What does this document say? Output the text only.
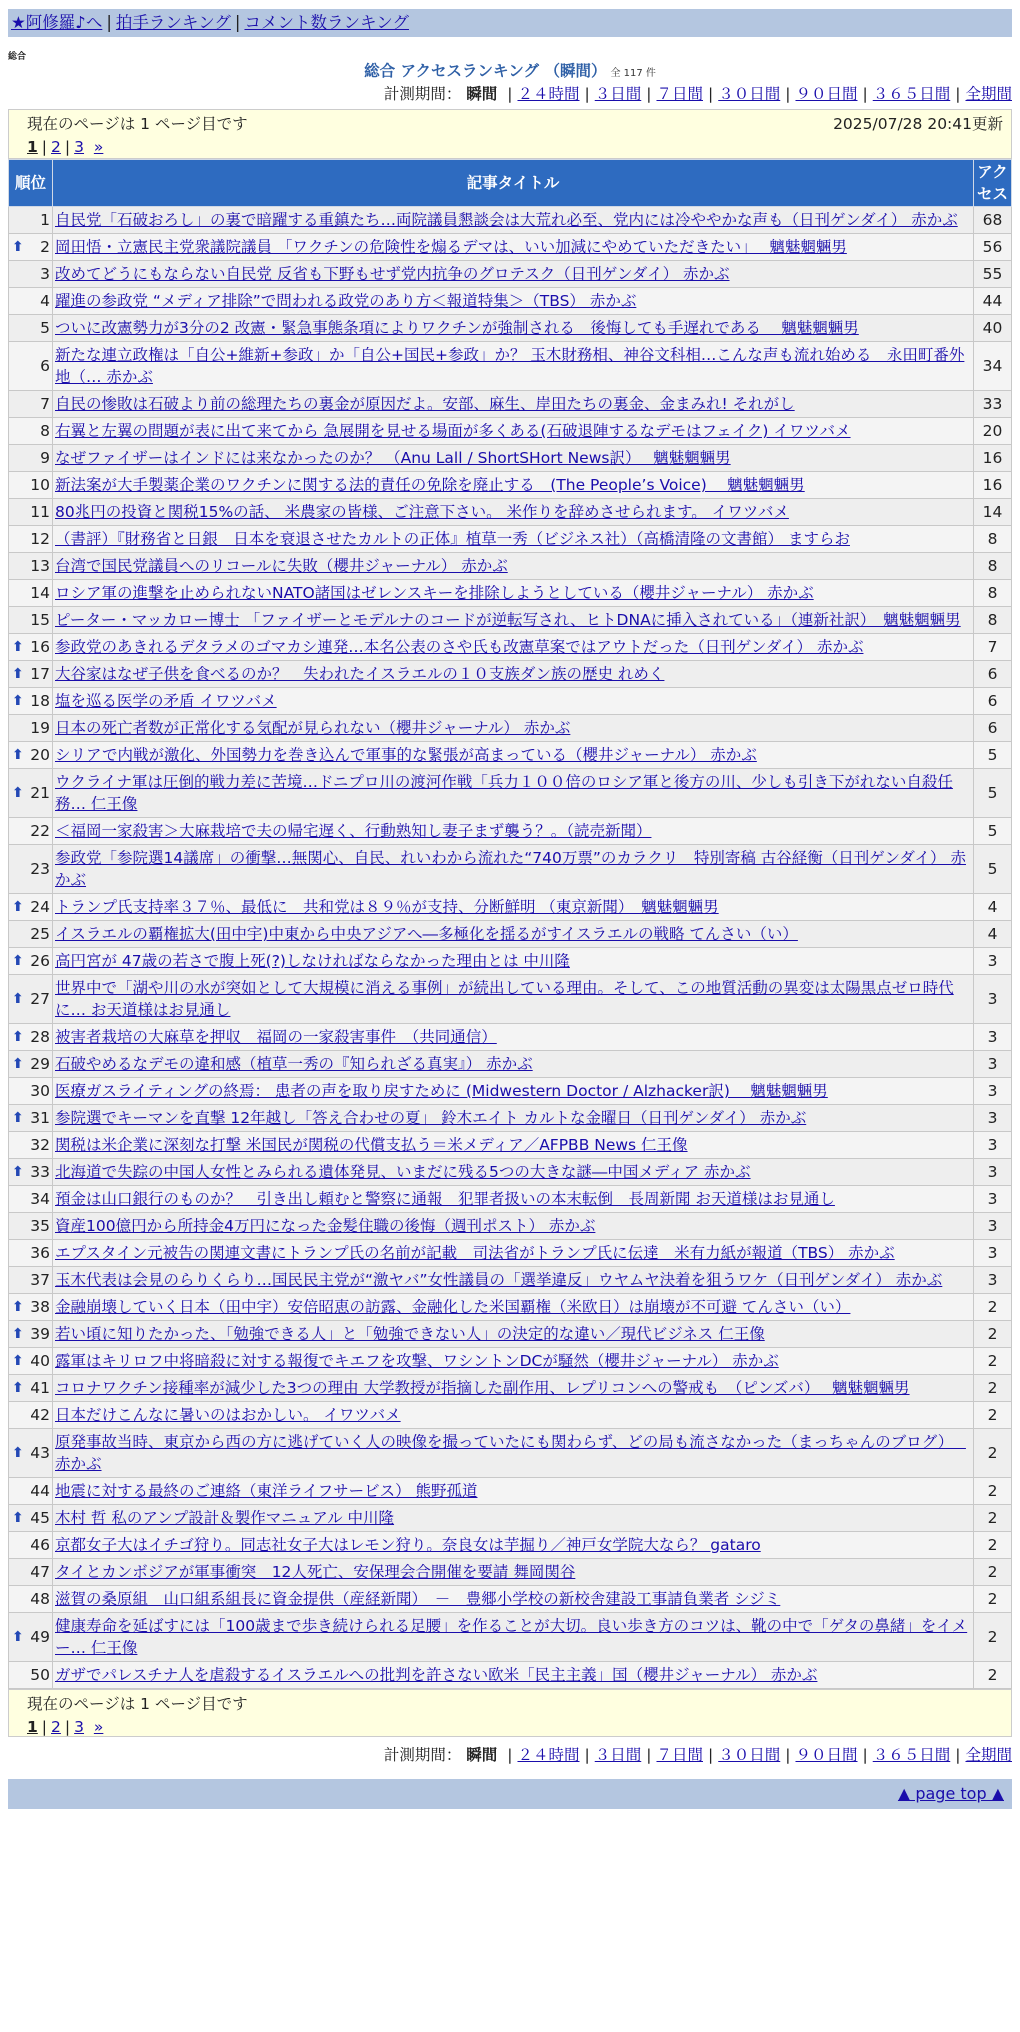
★阿修羅♪へ | 拍手ランキング | コメント数ランキング
総合
総合 アクセスランキング （瞬間） 全 117 件
計測期間： 瞬間 | ２４時間 | ３日間 | ７日間 | ３０日間 | ９０日間 | ３６５日間 | 全期間
現在のページは 1 ページ目です	2025/07/28 20:41更新
1 | 2 | 3 »
順位	記事タイトル	アクセス
1	自民党「石破おろし」の裏で暗躍する重鎮たち…両院議員懇談会は大荒れ必至、党内には冷ややかな声も（日刊ゲンダイ） 赤かぶ	68

⬆ 2	岡田悟・立憲民主党衆議院議員 「ワクチンの危険性を煽るデマは、いい加減にやめていただきたい」　 魑魅魍魎男	56
3	改めてどうにもならない自民党 反省も下野もせず党内抗争のグロテスク（日刊ゲンダイ） 赤かぶ	55
4	躍進の参政党 “メディア排除”で問われる政党のあり方＜報道特集＞（TBS） 赤かぶ	44
5	ついに改憲勢力が3分の2 改憲・緊急事態条項によりワクチンが強制される　後悔しても手遅れである　 魑魅魍魎男	40
6	新たな連立政権は「自公+維新+参政」か「自公+国民+参政」か？ 玉木財務相、神谷文科相…こんな声も流れ始める　永田町番外地（… 赤かぶ	34
7	自民の惨敗は石破より前の総理たちの裏金が原因だよ。安部、麻生、岸田たちの裏金、金まみれ! それがし	33
8	右翼と左翼の問題が表に出て来てから 急展開を見せる場面が多くある(石破退陣するなデモはフェイク) イワツバメ	20
9	なぜファイザーはインドには来なかったのか？ （Anu Lall / ShortSHort News訳）　 魑魅魍魎男	16
10	新法案が大手製薬企業のワクチンに関する法的責任の免除を廃止する　(The People’s Voice)　 魑魅魍魎男	16
11	80兆円の投資と関税15%の話、 米農家の皆様、ご注意下さい。 米作りを辞めさせられます。 イワツバメ	14
12	（書評）『財務省と日銀　日本を衰退させたカルトの正体』植草一秀（ビジネス社）（高橋清隆の文書館） ますらお	8
13	台湾で国民党議員へのリコールに失敗（櫻井ジャーナル） 赤かぶ	8
14	ロシア軍の進撃を止められないNATO諸国はゼレンスキーを排除しようとしている（櫻井ジャーナル） 赤かぶ	8
15	ピーター・マッカロー博士 「ファイザーとモデルナのコードが逆転写され、ヒトDNAに挿入されている」（連新社訳）　魑魅魍魎男	8

⬆ 16	参政党のあきれるデタラメのゴマカシ連発…本名公表のさや氏も改憲草案ではアウトだった（日刊ゲンダイ） 赤かぶ	7

⬆ 17	大谷家はなぜ子供を食べるのか？　失われたイスラエルの１０支族ダン族の歴史 れめく	6

⬆ 18	塩を巡る医学の矛盾 イワツバメ	6
19	日本の死亡者数が正常化する気配が見られない（櫻井ジャーナル） 赤かぶ	6

⬆ 20	シリアで内戦が激化、外国勢力を巻き込んで軍事的な緊張が高まっている（櫻井ジャーナル） 赤かぶ	5

⬆ 21	ウクライナ軍は圧倒的戦力差に苦境…ドニプロ川の渡河作戦「兵力１００倍のロシア軍と後方の川、少しも引き下がれない自殺任務… 仁王像	5
22	＜福岡一家殺害＞大麻栽培で夫の帰宅遅く、行動熟知し妻子まず襲う？。（読売新聞）	5
23	参政党「参院選14議席」の衝撃…無関心、自民、れいわから流れた“740万票”のカラクリ　特別寄稿 古谷経衡（日刊ゲンダイ） 赤かぶ	5

⬆ 24	トランプ氏支持率３７％、最低に　共和党は８９％が支持、分断鮮明 （東京新聞）　魑魅魍魎男	4
25	イスラエルの覇権拡大(田中宇)中東から中央アジアへ―多極化を揺るがすイスラエルの戦略 てんさい（い）	4

⬆ 26	高円宮が 47歳の若さで腹上死(?)しなければならなかった理由とは 中川隆	3

⬆ 27	世界中で「湖や川の水が突如として大規模に消える事例」が続出している理由。そして、この地質活動の異変は太陽黒点ゼロ時代に… お天道様はお見通し	3

⬆ 28	被害者栽培の大麻草を押収　福岡の一家殺害事件　（共同通信）	3

⬆ 29	石破やめるなデモの違和感（植草一秀の『知られざる真実』） 赤かぶ	3
30	医療ガスライティングの終焉： 患者の声を取り戻すために (Midwestern Doctor / Alzhacker訳)　 魑魅魍魎男	3

⬆ 31	参院選でキーマンを直撃 12年越し「答え合わせの夏」 鈴木エイト カルトな金曜日（日刊ゲンダイ） 赤かぶ	3
32	関税は米企業に深刻な打撃 米国民が関税の代償支払う＝米メディア／AFPBB News 仁王像	3

⬆ 33	北海道で失踪の中国人女性とみられる遺体発見、いまだに残る5つの大きな謎―中国メディア 赤かぶ	3
34	預金は山口銀行のものか？　引き出し頼むと警察に通報　犯罪者扱いの本末転倒　長周新聞 お天道様はお見通し	3
35	資産100億円から所持金4万円になった金髪住職の後悔（週刊ポスト） 赤かぶ	3
36	エプスタイン元被告の関連文書にトランプ氏の名前が記載　司法省がトランプ氏に伝達　米有力紙が報道（TBS） 赤かぶ	3
37	玉木代表は会見のらりくらり…国民民主党が“激ヤバ”女性議員の「選挙違反」ウヤムヤ決着を狙うワケ（日刊ゲンダイ） 赤かぶ	3

⬆ 38	金融崩壊していく日本（田中宇）安倍昭恵の訪露、金融化した米国覇権（米欧日）は崩壊が不可避 てんさい（い）	2

⬆ 39	若い頃に知りたかった、「勉強できる人」と「勉強できない人」の決定的な違い／現代ビジネス 仁王像	2

⬆ 40	露軍はキリロフ中将暗殺に対する報復でキエフを攻撃、ワシントンDCが騒然（櫻井ジャーナル） 赤かぶ	2

⬆ 41	コロナワクチン接種率が減少した3つの理由 大学教授が指摘した副作用、レプリコンへの警戒も　（ピンズバ）　 魑魅魍魎男	2
42	日本だけこんなに暑いのはおかしい。 イワツバメ	2

⬆ 43	原発事故当時、東京から西の方に逃げていく人の映像を撮っていたにも関わらず、どの局も流さなかった（まっちゃんのブログ）　 赤かぶ	2
44	地震に対する最終のご連絡（東洋ライフサービス） 熊野孤道	2

⬆ 45	木村 哲 私のアンプ設計＆製作マニュアル 中川隆	2
46	京都女子大はイチゴ狩り。同志社女子大はレモン狩り。奈良女は芋掘り／神戸女学院大なら？ gataro	2
47	タイとカンボジアが軍事衝突　12人死亡、安保理会合開催を要請 舞岡関谷	2
48	滋賀の桑原組　山口組系組長に資金提供（産経新聞）　－　豊郷小学校の新校舎建設工事請負業者 シジミ	2

⬆ 49	健康寿命を延ばすには「100歳まで歩き続けられる足腰」を作ることが大切。良い歩き方のコツは、靴の中で「ゲタの鼻緒」をイメー… 仁王像	2
50	ガザでパレスチナ人を虐殺するイスラエルへの批判を許さない欧米「民主主義」国（櫻井ジャーナル） 赤かぶ	2
現在のページは 1 ページ目です
1 | 2 | 3 »
計測期間： 瞬間 | ２４時間 | ３日間 | ７日間 | ３０日間 | ９０日間 | ３６５日間 | 全期間
▲ page top ▲
